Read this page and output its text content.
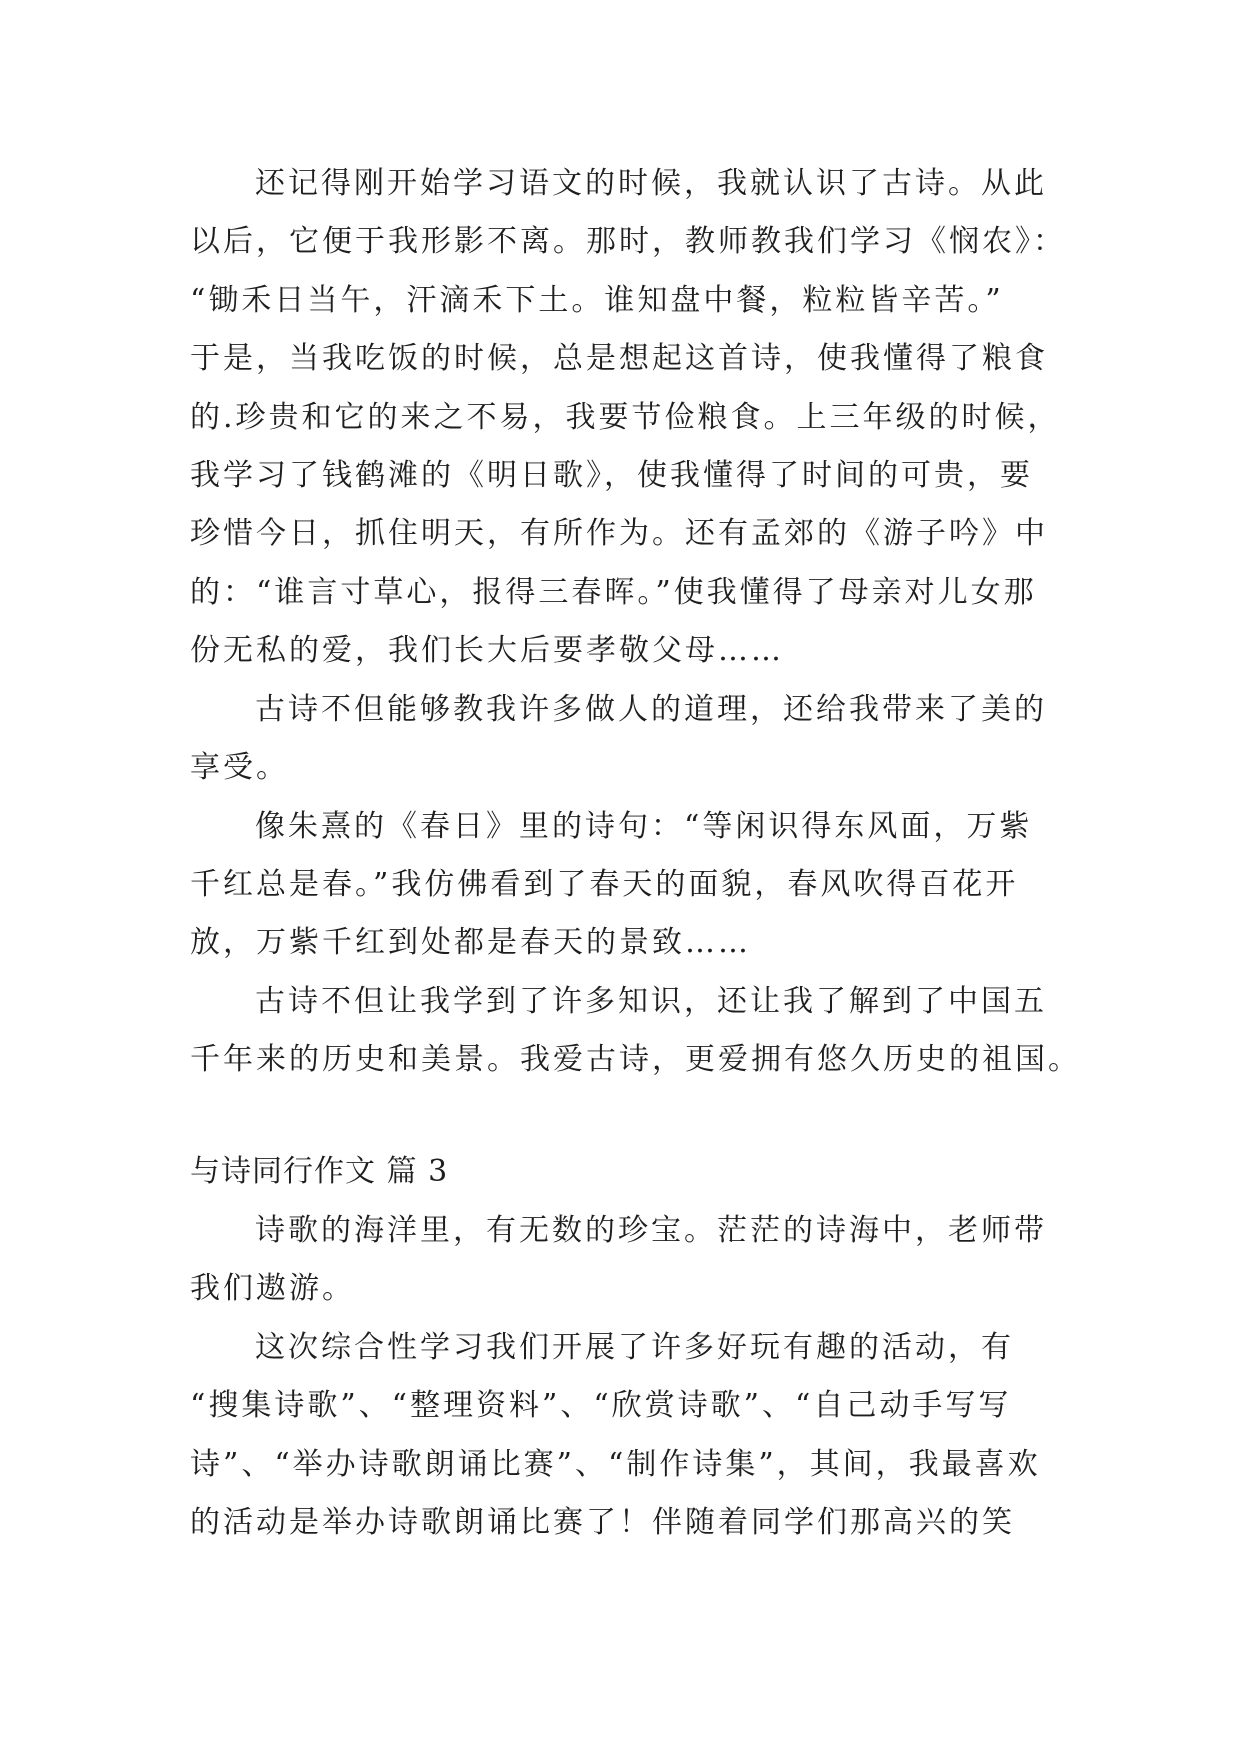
还记得刚开始学习语文的时候，我就认识了古诗。从此
以后，它便于我形影不离。那时，教师教我们学习《悯农》：
“锄禾日当午，汗滴禾下土。谁知盘中餐，粒粒皆辛苦。”
于是，当我吃饭的时候，总是想起这首诗，使我懂得了粮食
的.珍贵和它的来之不易，我要节俭粮食。上三年级的时候，
我学习了钱鹤滩的《明日歌》，使我懂得了时间的可贵，要
珍惜今日，抓住明天，有所作为。还有孟郊的《游子吟》中
的：“谁言寸草心，报得三春晖。”使我懂得了母亲对儿女那
份无私的爱，我们长大后要孝敬父母……
古诗不但能够教我许多做人的道理，还给我带来了美的
享受。
像朱熹的《春日》里的诗句：“等闲识得东风面，万紫
千红总是春。”我仿佛看到了春天的面貌，春风吹得百花开
放，万紫千红到处都是春天的景致……
古诗不但让我学到了许多知识，还让我了解到了中国五
千年来的历史和美景。我爱古诗，更爱拥有悠久历史的祖国。
与诗同行作文 篇 3
诗歌的海洋里，有无数的珍宝。茫茫的诗海中，老师带
我们遨游。
这次综合性学习我们开展了许多好玩有趣的活动，有
“搜集诗歌”、“整理资料”、“欣赏诗歌”、“自己动手写写
诗”、“举办诗歌朗诵比赛”、“制作诗集”，其间，我最喜欢
的活动是举办诗歌朗诵比赛了！伴随着同学们那高兴的笑
